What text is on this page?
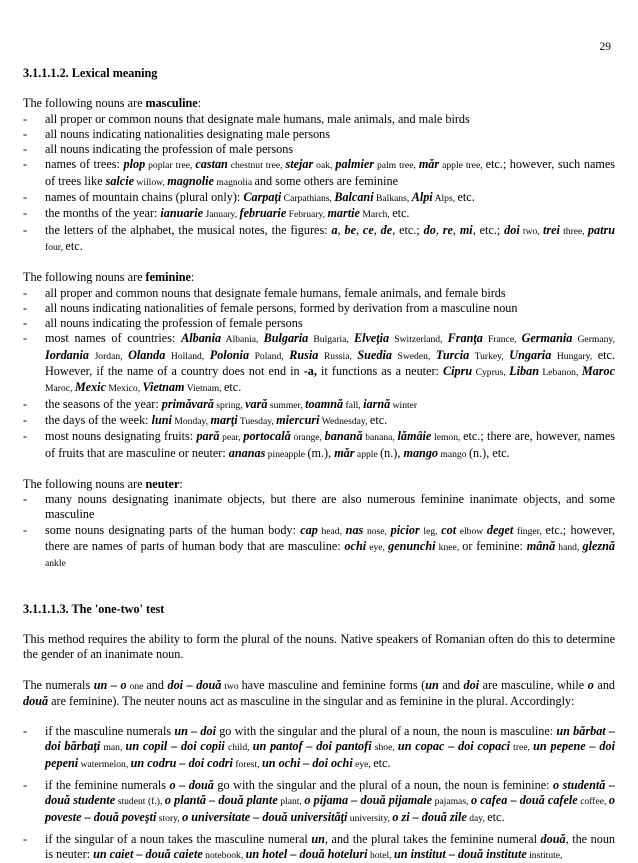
29

3.1.1.1.2. Lexical meaning

The following nouns are masculine:

- all proper or common nouns that designate male humans, male animals, and male birds
- all nouns indicating nationalities designating male persons
- all nouns indicating the profession of male persons
- names of trees: plop poplar tree, castan chestnut tree, stejar oak, palmier palm tree, măr apple tree, etc.; however, such names of trees like salcie willow, magnolie magnolia and some others are feminine
- names of mountain chains (plural only): Carpaţi Carpathians, Balcani Balkans, Alpi Alps, etc.
- the months of the year: ianuarie January, februarie February, martie March, etc.
- the letters of the alphabet, the musical notes, the figures: a, be, ce, de, etc.; do, re, mi, etc.; doi two, trei three, patru four, etc.

The following nouns are feminine:

- all proper and common nouns that designate female humans, female animals, and female birds
- all nouns indicating nationalities of female persons, formed by derivation from a masculine noun
- all nouns indicating the profession of female persons
- most names of countries: Albania Albania, Bulgaria Bulgaria, Elveţia Switzerland, Franţa France, Germania Germany, Iordania Jordan, Olanda Holland, Polonia Poland, Rusia Russia, Suedia Sweden, Turcia Turkey, Ungaria Hungary, etc. However, if the name of a country does not end in -a, it functions as a neuter: Cipru Cyprus, Liban Lebanon, Maroc Maroc, Mexic Mexico, Vietnam Vietnam, etc.
- the seasons of the year: primăvară spring, vară summer, toamnă fall, iarnă winter
- the days of the week: luni Monday, marţi Tuesday, miercuri Wednesday, etc.
- most nouns designating fruits: pară pear, portocală orange, banană banana, lămâie lemon, etc.; there are, however, names of fruits that are masculine or neuter: ananas pineapple (m.), măr apple (n.), mango mango (n.), etc.

The following nouns are neuter:

- many nouns designating inanimate objects, but there are also numerous feminine inanimate objects, and some masculine
- some nouns designating parts of the human body: cap head, nas nose, picior leg, cot elbow deget finger, etc.; however, there are names of parts of human body that are masculine: ochi eye, genunchi knee, or feminine: mână hand, gleznă ankle

3.1.1.1.3. The 'one-two' test

This method requires the ability to form the plural of the nouns. Native speakers of Romanian often do this to determine the gender of an inanimate noun.

The numerals un – o one and doi – două two have masculine and feminine forms (un and doi are masculine, while o and două are feminine). The neuter nouns act as masculine in the singular and as feminine in the plural. Accordingly:

- if the masculine numerals un – doi go with the singular and the plural of a noun, the noun is masculine: un bărbat – doi bărbaţi man, un copil – doi copii child, un pantof – doi pantofi shoe, un copac – doi copaci tree, un pepene – doi pepeni watermelon, un codru – doi codri forest, un ochi – doi ochi eye, etc.
- if the feminine numerals o – două go with the singular and the plural of a noun, the noun is feminine: o studentă – două studente student (f.), o plantă – două plante plant, o pijama – două pijamale pajamas, o cafea – două cafele coffee, o poveste – două poveşti story, o universitate – două universităţi university, o zi – două zile day, etc.
- if the singular of a noun takes the masculine numeral un, and the plural takes the feminine numeral două, the noun is neuter: un caiet – două caiete notebook, un hotel – două hoteluri hotel, un institut – două institute institute,
